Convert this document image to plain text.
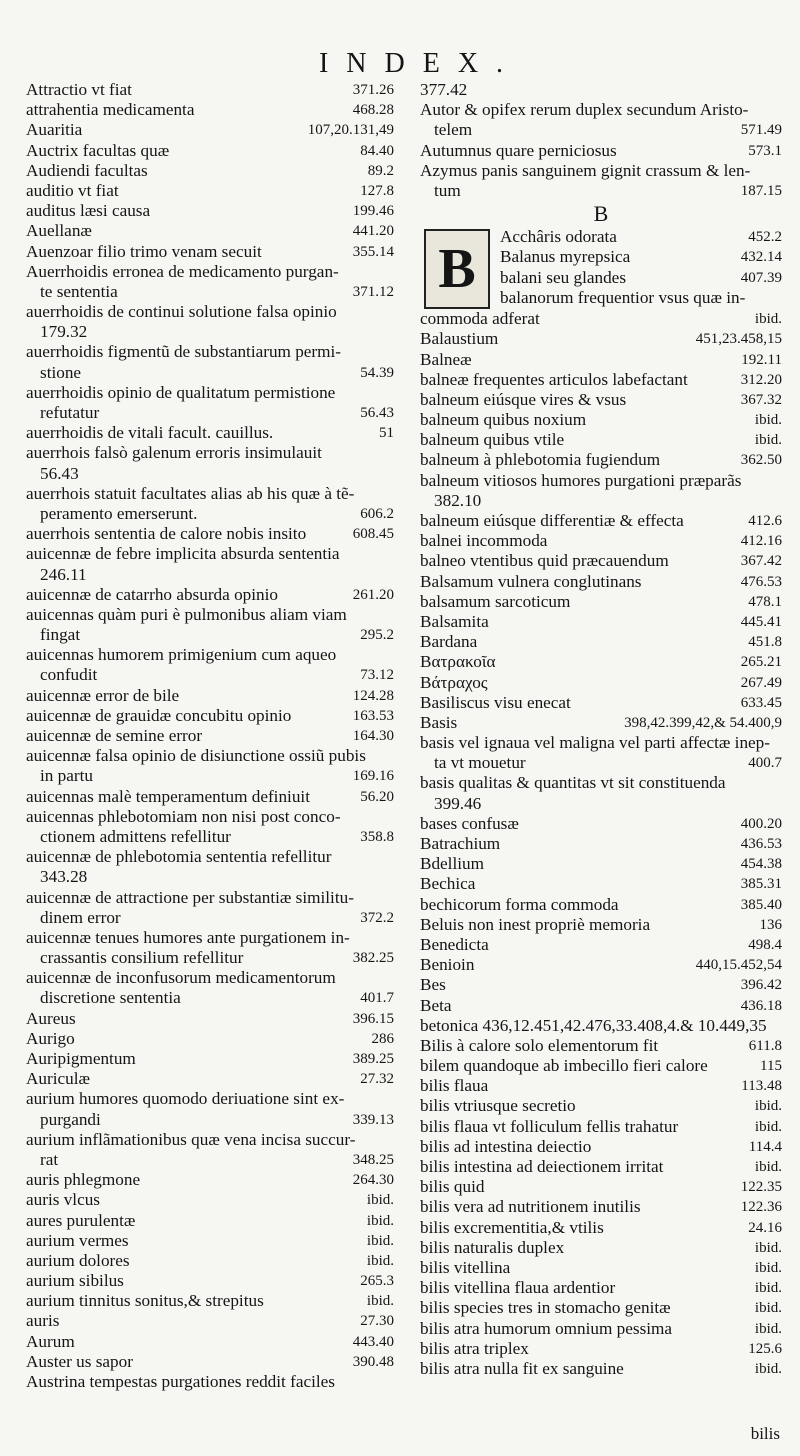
INDEX.
Attractio vt fiat	371.26
attrahentia medicamenta	468.28
Auaritia	107,20.131,49
Auctrix facultas quæ	84.40
Audiendi facultas	89.2
auditio vt fiat	127.8
auditus læsi causa	199.46
Auellanæ	441.20
Auenzoar filio trimo venam secuit	355.14
Auerrhoidis erronea de medicamento purgan-
te sententia	371.12
auerrhoidis de continui solutione falsa opinio
179.32
auerrhoidis figmentũ de substantiarum permi-
stione	54.39
auerrhoidis opinio de qualitatum permistione
refutatur	56.43
auerrhoidis de vitali facult. cauillus.	51
auerrhois falsò galenum erroris insimulauit
56.43
auerrhois statuit facultates alias ab his quæ à tẽ-
peramento emerserunt.	606.2
auerrhois sententia de calore nobis insito	608.45
auicennæ de febre implicita absurda sententia
246.11
auicennæ de catarrho absurda opinio	261.20
auicennas quàm puri è pulmonibus aliam viam
fingat	295.2
auicennas humorem primigenium cum aqueo
confudit	73.12
auicennæ error de bile	124.28
auicennæ de grauidæ concubitu opinio	163.53
auicennæ de semine error	164.30
auicennæ falsa opinio de disiunctione ossiũ pubis
in partu	169.16
auicennas malè temperamentum definiuit	56.20
auicennas phlebotomiam non nisi post conco-
ctionem admittens refellitur	358.8
auicennæ de phlebotomia sententia refellitur
343.28
auicennæ de attractione per substantiæ similitu-
dinem error	372.2
auicennæ tenues humores ante purgationem in-
crassantis consilium refellitur	382.25
auicennæ de inconfusorum medicamentorum
discretione sententia	401.7
Aureus	396.15
Aurigo	286
Auripigmentum	389.25
Auriculæ	27.32
aurium humores quomodo deriuatione sint ex-
purgandi	339.13
aurium inflãmationibus quæ vena incisa succur-
rat	348.25
auris phlegmone	264.30
auris vlcus	ibid.
aures purulentæ	ibid.
aurium vermes	ibid.
aurium dolores	ibid.
aurium sibilus	265.3
aurium tinnitus sonitus,& strepitus	ibid.
auris	27.30
Aurum	443.40
Auster us sapor	390.48
Austrina tempestas purgationes reddit faciles
377.42
Autor & opifex rerum duplex secundum Aristo-
telem	571.49
Autumnus quare perniciosus	573.1
Azymus panis sanguinem gignit crassum & len-
tum	187.15
B
B
Acchâris odorata	452.2
Balanus myrepsica	432.14
balani seu glandes	407.39
balanorum frequentior vsus quæ in-
commoda adferat	ibid.
Balaustium	451,23.458,15
Balneæ	192.11
balneæ frequentes articulos labefactant	312.20
balneum eiúsque vires & vsus	367.32
balneum quibus noxium	ibid.
balneum quibus vtile	ibid.
balneum à phlebotomia fugiendum	362.50
balneum vitiosos humores purgationi præparãs
382.10
balneum eiúsque differentiæ & effecta	412.6
balnei incommoda	412.16
balneo vtentibus quid præcauendum	367.42
Balsamum vulnera conglutinans	476.53
balsamum sarcoticum	478.1
Balsamita	445.41
Bardana	451.8
Βατρακοῖα	265.21
Βάτραχος	267.49
Basiliscus visu enecat	633.45
Basis	398,42.399,42,& 54.400,9
basis vel ignaua vel maligna vel parti affectæ inep-
ta vt mouetur	400.7
basis qualitas & quantitas vt sit constituenda
399.46
bases confusæ	400.20
Batrachium	436.53
Bdellium	454.38
Bechica	385.31
bechicorum forma commoda	385.40
Beluis non inest propriè memoria	136
Benedicta	498.4
Benioin	440,15.452,54
Bes	396.42
Beta	436.18
betonica 436,12.451,42.476,33.408,4.& 10.449,35
Bilis à calore solo elementorum fit	611.8
bilem quandoque ab imbecillo fieri calore	115
bilis flaua	113.48
bilis vtriusque secretio	ibid.
bilis flaua vt folliculum fellis trahatur	ibid.
bilis ad intestina deiectio	114.4
bilis intestina ad deiectionem irritat	ibid.
bilis quid	122.35
bilis vera ad nutritionem inutilis	122.36
bilis excrementitia,& vtilis	24.16
bilis naturalis duplex	ibid.
bilis vitellina	ibid.
bilis vitellina flaua ardentior	ibid.
bilis species tres in stomacho genitæ	ibid.
bilis atra humorum omnium pessima	ibid.
bilis atra triplex	125.6
bilis atra nulla fit ex sanguine	ibid.
bilis
